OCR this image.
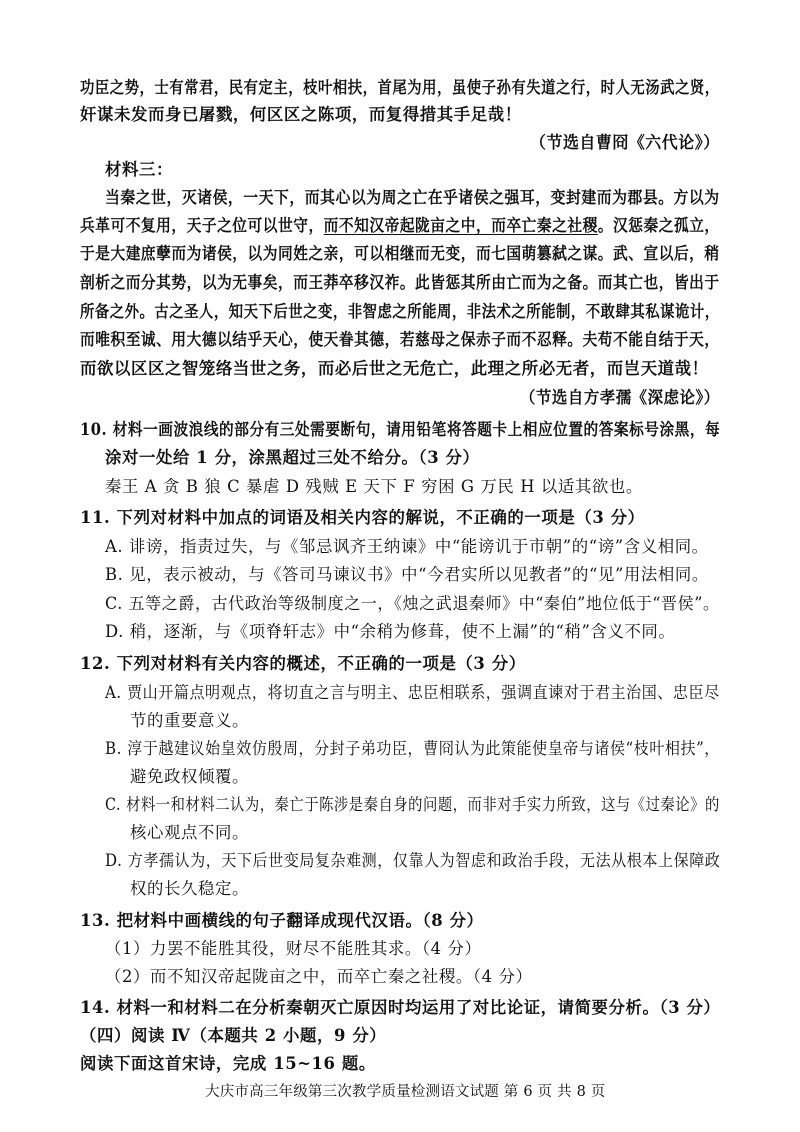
功臣之势，士有常君，民有定主，枝叶相扶，首尾为用，虽使子孙有失道之行，时人无汤武之贤，
奸谋未发而身已屠戮，何区区之陈项，而复得措其手足哉！
（节选自曹冏《六代论》）
材料三：
当秦之世，灭诸侯，一天下，而其心以为周之亡在乎诸侯之强耳，变封建而为郡县。方以为
兵革可不复用，天子之位可以世守，而不知汉帝起陇亩之中，而卒亡秦之社稷。汉惩秦之孤立，
于是大建庶孽而为诸侯，以为同姓之亲，可以相继而无变，而七国萌篡弑之谋。武、宣以后，稍
剖析之而分其势，以为无事矣，而王莽卒移汉祚。此皆惩其所由亡而为之备。而其亡也，皆出于
所备之外。古之圣人，知天下后世之变，非智虑之所能周，非法术之所能制，不敢肆其私谋诡计，
而唯积至诚、用大德以结乎天心，使天眷其德，若慈母之保赤子而不忍释。夫苟不能自结于天，
而欲以区区之智笼络当世之务，而必后世之无危亡，此理之所必无者，而岂天道哉！
（节选自方孝孺《深虑论》）
10. 材料一画波浪线的部分有三处需要断句，请用铅笔将答题卡上相应位置的答案标号涂黑，每
涂对一处给 1 分，涂黑超过三处不给分。（3 分）
秦王 A 贪 B 狼 C 暴虐 D 残贼 E 天下 F 穷困 G 万民 H 以适其欲也。
11. 下列对材料中加点的词语及相关内容的解说，不正确的一项是（3 分）
A. 诽谤，指责过失，与《邹忌讽齐王纳谏》中“能谤讥于市朝”的“谤”含义相同。
B. 见，表示被动，与《答司马谏议书》中“今君实所以见教者”的“见”用法相同。
C. 五等之爵，古代政治等级制度之一，《烛之武退秦师》中“秦伯”地位低于“晋侯”。
D. 稍，逐渐，与《项脊轩志》中“余稍为修葺，使不上漏”的“稍”含义不同。
12. 下列对材料有关内容的概述，不正确的一项是（3 分）
A. 贾山开篇点明观点，将切直之言与明主、忠臣相联系，强调直谏对于君主治国、忠臣尽
节的重要意义。
B. 淳于越建议始皇效仿殷周，分封子弟功臣，曹冏认为此策能使皇帝与诸侯“枝叶相扶”，
避免政权倾覆。
C. 材料一和材料二认为，秦亡于陈涉是秦自身的问题，而非对手实力所致，这与《过秦论》的
核心观点不同。
D. 方孝孺认为，天下后世变局复杂难测，仅靠人为智虑和政治手段，无法从根本上保障政
权的长久稳定。
13. 把材料中画横线的句子翻译成现代汉语。（8 分）
（1）力罢不能胜其役，财尽不能胜其求。（4 分）
（2）而不知汉帝起陇亩之中，而卒亡秦之社稷。（4 分）
14. 材料一和材料二在分析秦朝灭亡原因时均运用了对比论证，请简要分析。（3 分）
（四）阅读 Ⅳ（本题共 2 小题，9 分）
阅读下面这首宋诗，完成 15~16 题。
大庆市高三年级第三次教学质量检测语文试题 第 6 页 共 8 页
